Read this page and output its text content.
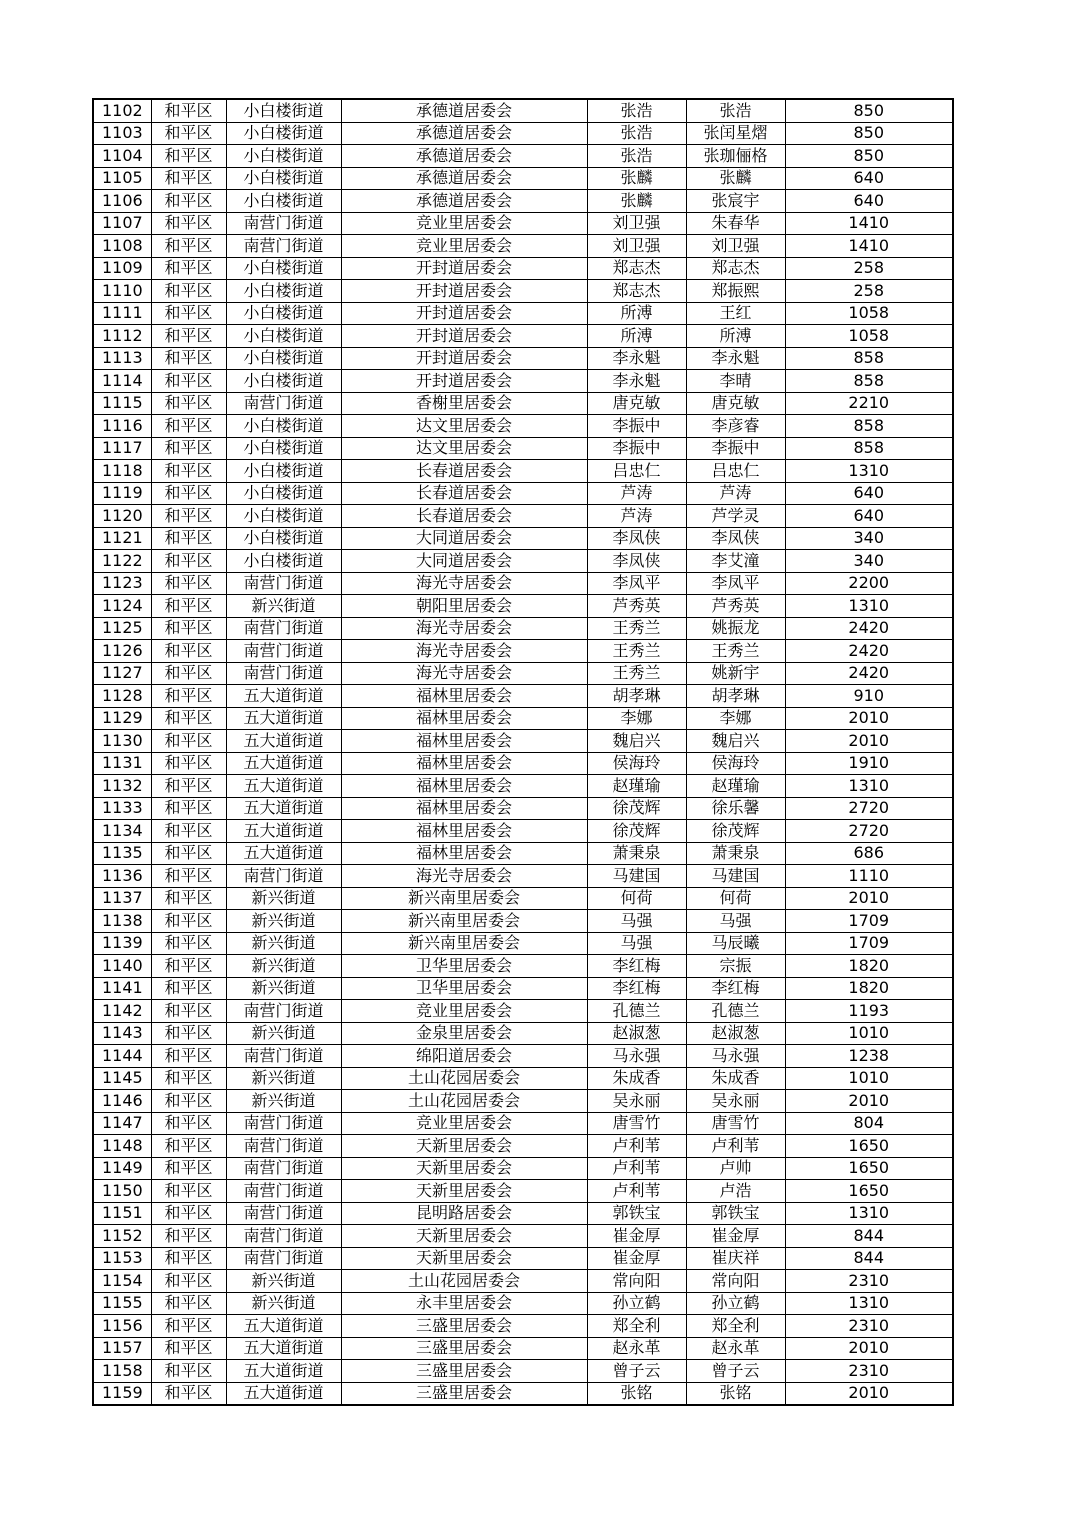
1102	和平区	小白楼街道	承德道居委会	张浩	张浩	850
1103	和平区	小白楼街道	承德道居委会	张浩	张闰星熠	850
1104	和平区	小白楼街道	承德道居委会	张浩	张珈俪格	850
1105	和平区	小白楼街道	承德道居委会	张麟	张麟	640
1106	和平区	小白楼街道	承德道居委会	张麟	张宸宇	640
1107	和平区	南营门街道	竞业里居委会	刘卫强	朱春华	1410
1108	和平区	南营门街道	竞业里居委会	刘卫强	刘卫强	1410
1109	和平区	小白楼街道	开封道居委会	郑志杰	郑志杰	258
1110	和平区	小白楼街道	开封道居委会	郑志杰	郑振熙	258
1111	和平区	小白楼街道	开封道居委会	所溥	王红	1058
1112	和平区	小白楼街道	开封道居委会	所溥	所溥	1058
1113	和平区	小白楼街道	开封道居委会	李永魁	李永魁	858
1114	和平区	小白楼街道	开封道居委会	李永魁	李晴	858
1115	和平区	南营门街道	香榭里居委会	唐克敏	唐克敏	2210
1116	和平区	小白楼街道	达文里居委会	李振中	李彦睿	858
1117	和平区	小白楼街道	达文里居委会	李振中	李振中	858
1118	和平区	小白楼街道	长春道居委会	吕忠仁	吕忠仁	1310
1119	和平区	小白楼街道	长春道居委会	芦涛	芦涛	640
1120	和平区	小白楼街道	长春道居委会	芦涛	芦学灵	640
1121	和平区	小白楼街道	大同道居委会	李凤侠	李凤侠	340
1122	和平区	小白楼街道	大同道居委会	李凤侠	李艾潼	340
1123	和平区	南营门街道	海光寺居委会	李凤平	李凤平	2200
1124	和平区	新兴街道	朝阳里居委会	芦秀英	芦秀英	1310
1125	和平区	南营门街道	海光寺居委会	王秀兰	姚振龙	2420
1126	和平区	南营门街道	海光寺居委会	王秀兰	王秀兰	2420
1127	和平区	南营门街道	海光寺居委会	王秀兰	姚新宇	2420
1128	和平区	五大道街道	福林里居委会	胡孝琳	胡孝琳	910
1129	和平区	五大道街道	福林里居委会	李娜	李娜	2010
1130	和平区	五大道街道	福林里居委会	魏启兴	魏启兴	2010
1131	和平区	五大道街道	福林里居委会	侯海玲	侯海玲	1910
1132	和平区	五大道街道	福林里居委会	赵瑾瑜	赵瑾瑜	1310
1133	和平区	五大道街道	福林里居委会	徐茂辉	徐乐馨	2720
1134	和平区	五大道街道	福林里居委会	徐茂辉	徐茂辉	2720
1135	和平区	五大道街道	福林里居委会	萧秉泉	萧秉泉	686
1136	和平区	南营门街道	海光寺居委会	马建国	马建国	1110
1137	和平区	新兴街道	新兴南里居委会	何荷	何荷	2010
1138	和平区	新兴街道	新兴南里居委会	马强	马强	1709
1139	和平区	新兴街道	新兴南里居委会	马强	马辰曦	1709
1140	和平区	新兴街道	卫华里居委会	李红梅	宗振	1820
1141	和平区	新兴街道	卫华里居委会	李红梅	李红梅	1820
1142	和平区	南营门街道	竞业里居委会	孔德兰	孔德兰	1193
1143	和平区	新兴街道	金泉里居委会	赵淑葱	赵淑葱	1010
1144	和平区	南营门街道	绵阳道居委会	马永强	马永强	1238
1145	和平区	新兴街道	土山花园居委会	朱成香	朱成香	1010
1146	和平区	新兴街道	土山花园居委会	吴永丽	吴永丽	2010
1147	和平区	南营门街道	竞业里居委会	唐雪竹	唐雪竹	804
1148	和平区	南营门街道	天新里居委会	卢利苇	卢利苇	1650
1149	和平区	南营门街道	天新里居委会	卢利苇	卢帅	1650
1150	和平区	南营门街道	天新里居委会	卢利苇	卢浩	1650
1151	和平区	南营门街道	昆明路居委会	郭铁宝	郭铁宝	1310
1152	和平区	南营门街道	天新里居委会	崔金厚	崔金厚	844
1153	和平区	南营门街道	天新里居委会	崔金厚	崔庆祥	844
1154	和平区	新兴街道	土山花园居委会	常向阳	常向阳	2310
1155	和平区	新兴街道	永丰里居委会	孙立鹤	孙立鹤	1310
1156	和平区	五大道街道	三盛里居委会	郑全利	郑全利	2310
1157	和平区	五大道街道	三盛里居委会	赵永革	赵永革	2010
1158	和平区	五大道街道	三盛里居委会	曾子云	曾子云	2310
1159	和平区	五大道街道	三盛里居委会	张铭	张铭	2010
